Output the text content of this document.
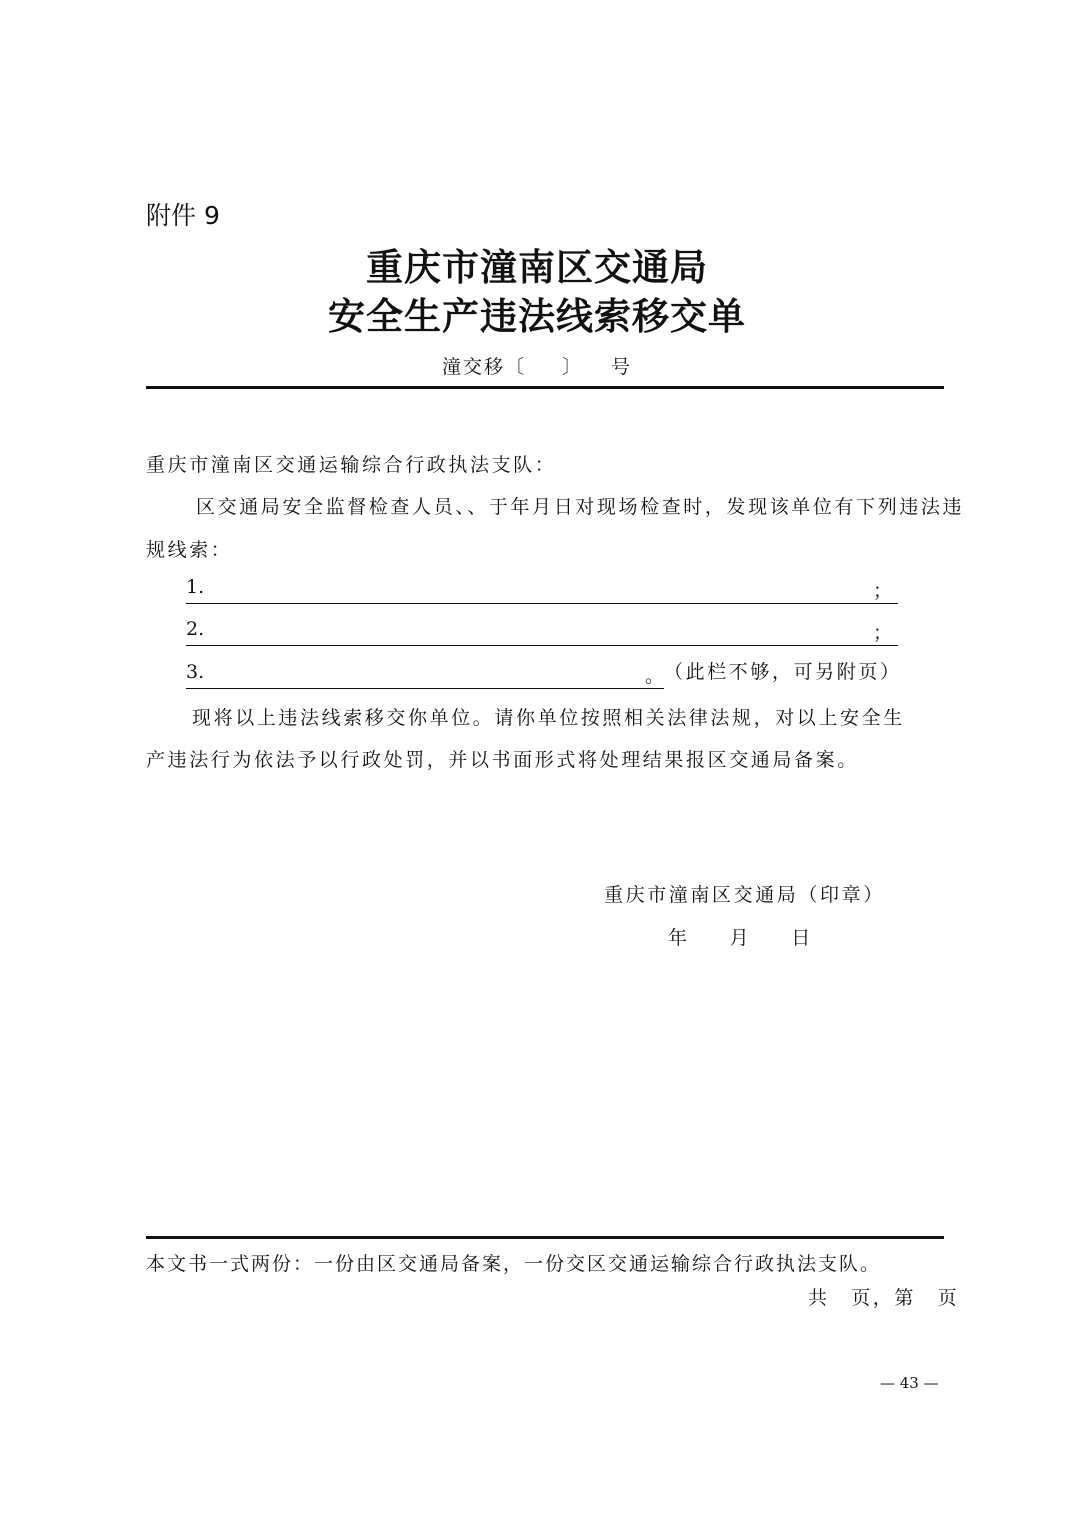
附件 9
重庆市潼南区交通局
安全生产违法线索移交单
潼交移〔 〕 号
重庆市潼南区交通运输综合行政执法支队：
区交通局安全监督检查人员、、于年月日对现场检查时，发现该单位有下列违法违
规线索：
1.	；
2.	；
3.	。 （此栏不够，可另附页）
现将以上违法线索移交你单位。请你单位按照相关法律法规，对以上安全生
产违法行为依法予以行政处罚，并以书面形式将处理结果报区交通局备案。
重庆市潼南区交通局（印章）
年 月 日
本文书一式两份：一份由区交通局备案，一份交区交通运输综合行政执法支队。
共　页，第　页
— 43 —
